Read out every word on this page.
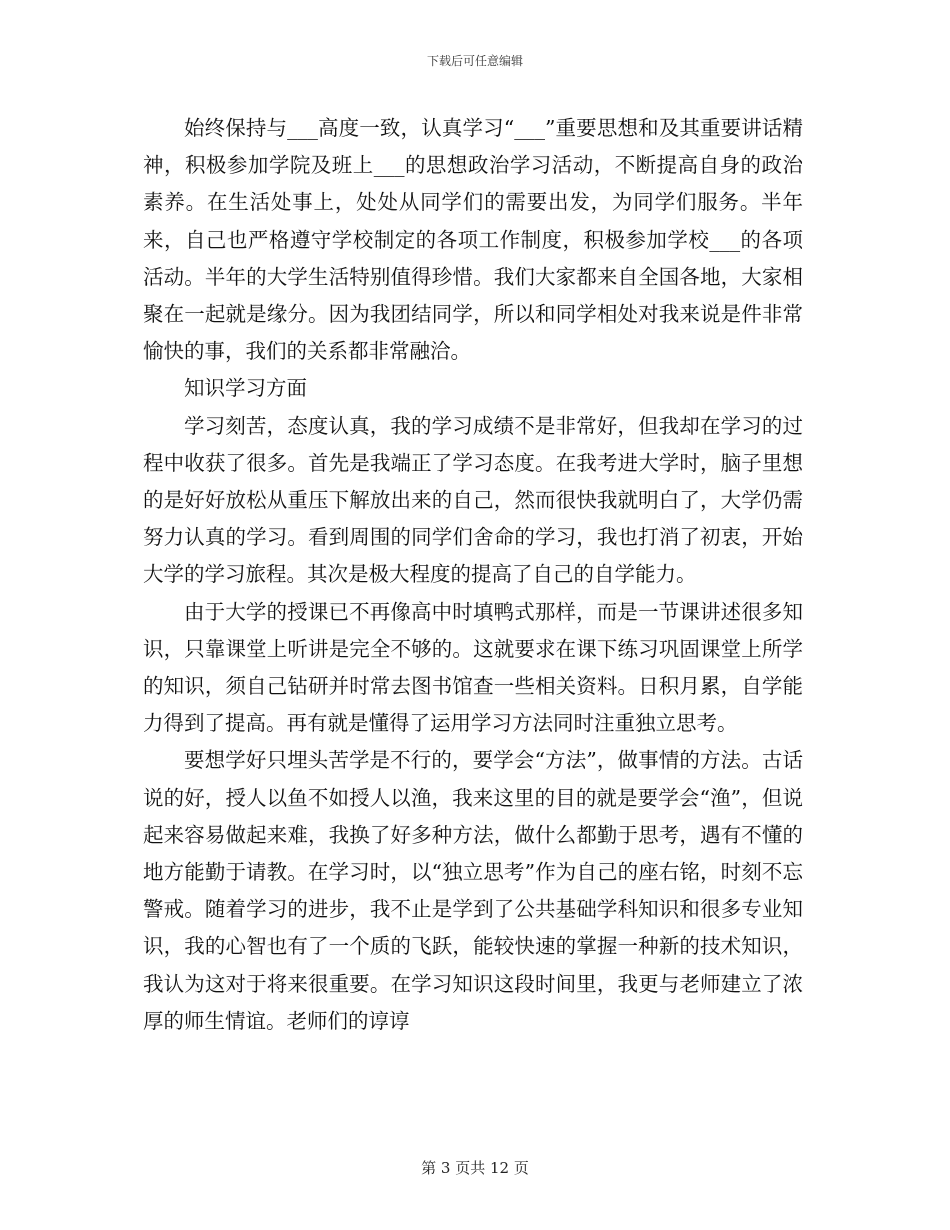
下载后可任意编辑

始终保持与___高度一致，认真学习“___”重要思想和及其重要讲话精神，积极参加学院及班上___的思想政治学习活动，不断提高自身的政治素养。在生活处事上，处处从同学们的需要出发，为同学们服务。半年来，自己也严格遵守学校制定的各项工作制度，积极参加学校___的各项活动。半年的大学生活特别值得珍惜。我们大家都来自全国各地，大家相聚在一起就是缘分。因为我团结同学，所以和同学相处对我来说是件非常愉快的事，我们的关系都非常融洽。

知识学习方面

学习刻苦，态度认真，我的学习成绩不是非常好，但我却在学习的过程中收获了很多。首先是我端正了学习态度。在我考进大学时，脑子里想的是好好放松从重压下解放出来的自己，然而很快我就明白了，大学仍需努力认真的学习。看到周围的同学们舍命的学习，我也打消了初衷，开始大学的学习旅程。其次是极大程度的提高了自己的自学能力。

由于大学的授课已不再像高中时填鸭式那样，而是一节课讲述很多知识，只靠课堂上听讲是完全不够的。这就要求在课下练习巩固课堂上所学的知识，须自己钻研并时常去图书馆查一些相关资料。日积月累，自学能力得到了提高。再有就是懂得了运用学习方法同时注重独立思考。

要想学好只埋头苦学是不行的，要学会“方法”，做事情的方法。古话说的好，授人以鱼不如授人以渔，我来这里的目的就是要学会“渔”，但说起来容易做起来难，我换了好多种方法，做什么都勤于思考，遇有不懂的地方能勤于请教。在学习时，以“独立思考”作为自己的座右铭，时刻不忘警戒。随着学习的进步，我不止是学到了公共基础学科知识和很多专业知识，我的心智也有了一个质的飞跃，能较快速的掌握一种新的技术知识，我认为这对于将来很重要。在学习知识这段时间里，我更与老师建立了浓厚的师生情谊。老师们的谆谆

第 3 页共 12 页
